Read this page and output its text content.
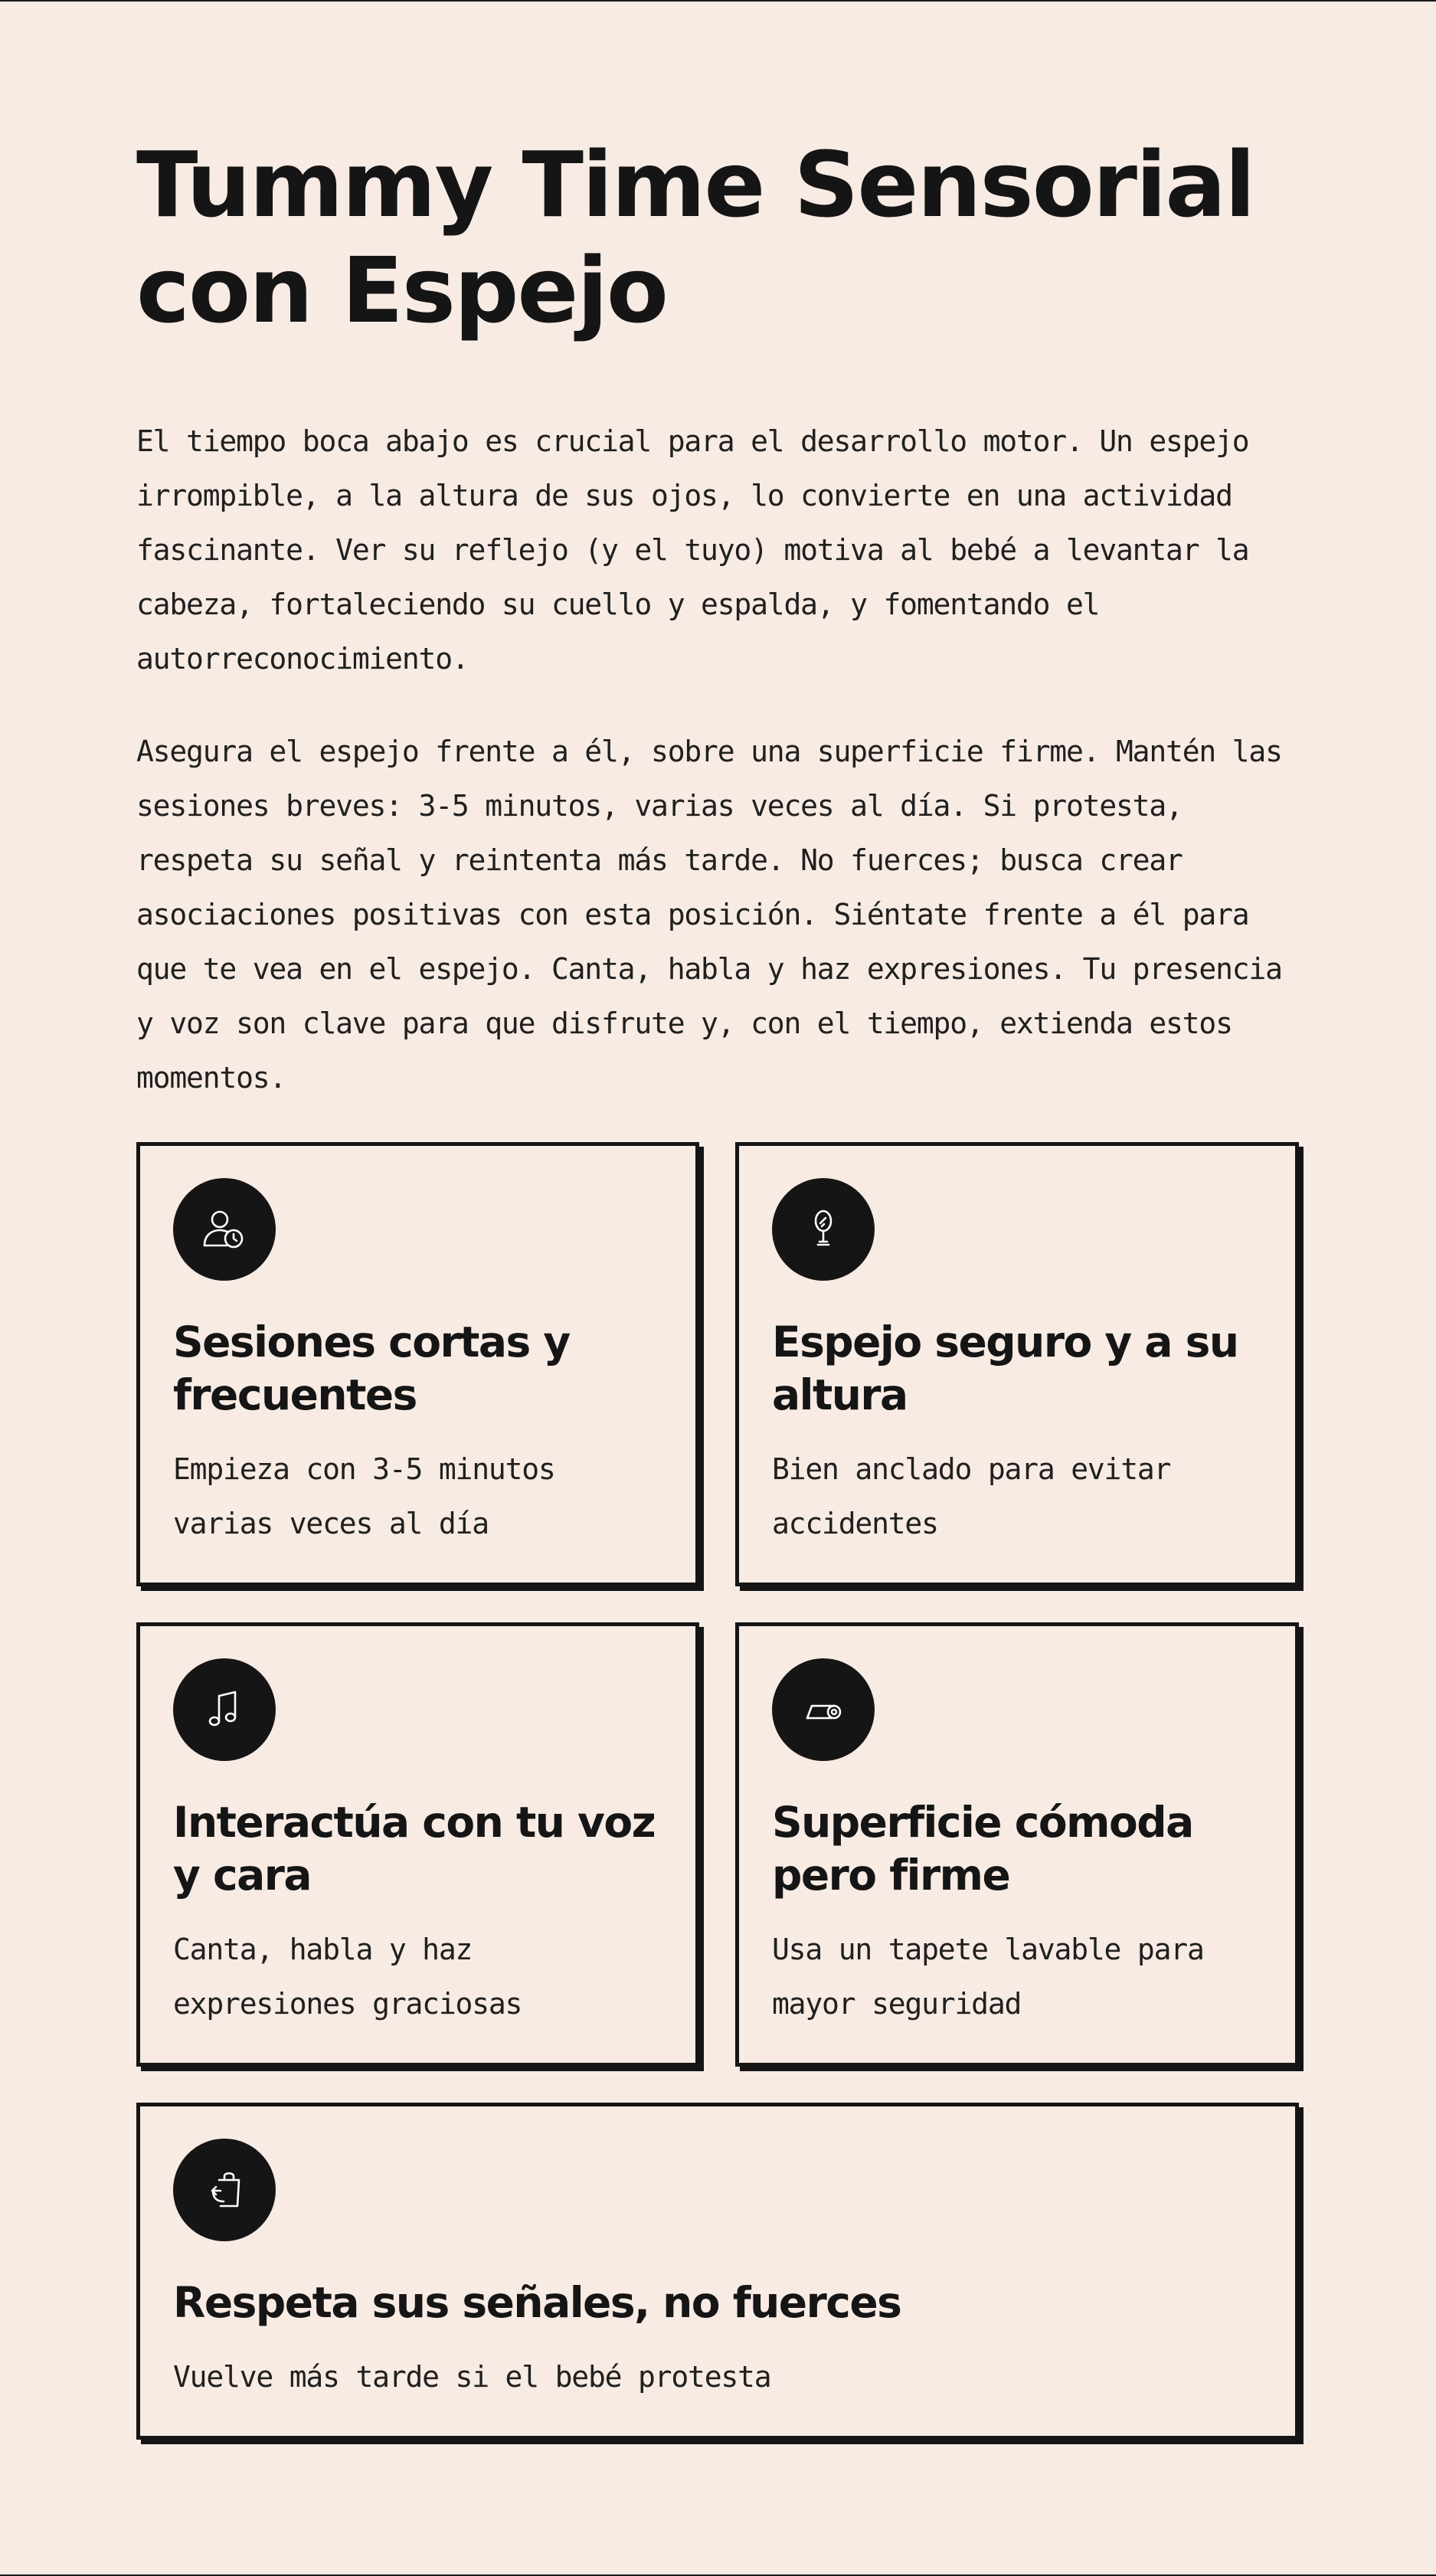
Tummy Time Sensorial con Espejo

El tiempo boca abajo es crucial para el desarrollo motor. Un espejo irrompible, a la altura de sus ojos, lo convierte en una actividad fascinante. Ver su reflejo (y el tuyo) motiva al bebé a levantar la cabeza, fortaleciendo su cuello y espalda, y fomentando el autorreconocimiento.

Asegura el espejo frente a él, sobre una superficie firme. Mantén las sesiones breves: 3-5 minutos, varias veces al día. Si protesta, respeta su señal y reintenta más tarde. No fuerces; busca crear asociaciones positivas con esta posición. Siéntate frente a él para que te vea en el espejo. Canta, habla y haz expresiones. Tu presencia y voz son clave para que disfrute y, con el tiempo, extienda estos momentos.

Sesiones cortas y frecuentes

Empieza con 3-5 minutos varias veces al día

Espejo seguro y a su altura

Bien anclado para evitar accidentes

Interactúa con tu voz y cara

Canta, habla y haz expresiones graciosas

Superficie cómoda pero firme

Usa un tapete lavable para mayor seguridad

Respeta sus señales, no fuerces

Vuelve más tarde si el bebé protesta
